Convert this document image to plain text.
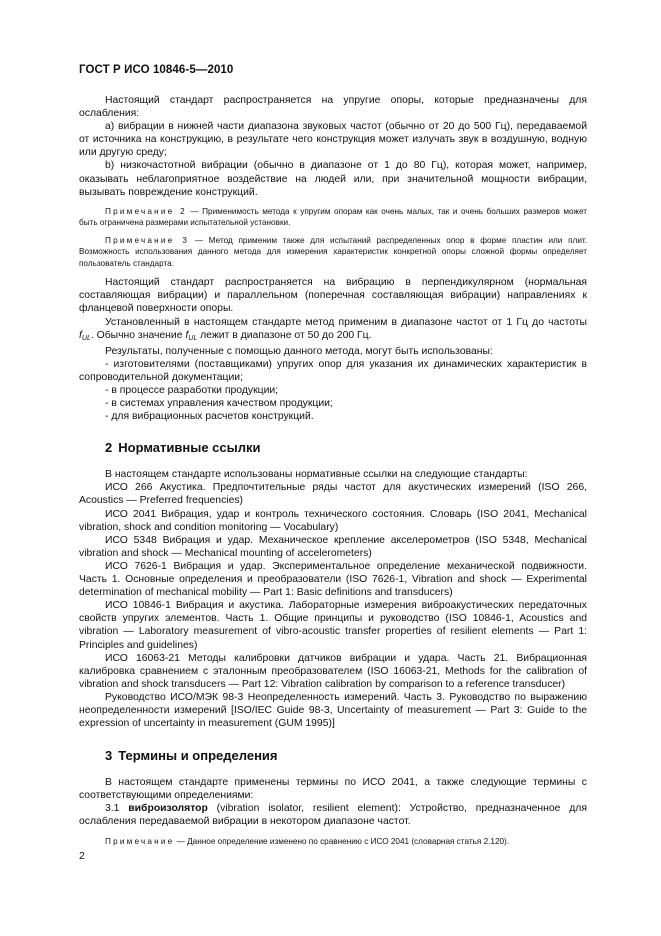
ГОСТ Р ИСО 10846-5—2010

Настоящий стандарт распространяется на упругие опоры, которые предназначены для ослабления:

а) вибрации в нижней части диапазона звуковых частот (обычно от 20 до 500 Гц), передаваемой от источника на конструкцию, в результате чего конструкция может излучать звук в воздушную, водную или другую среду;

b) низкочастотной вибрации (обычно в диапазоне от 1 до 80 Гц), которая может, например, оказывать неблагоприятное воздействие на людей или, при значительной мощности вибрации, вызывать повреждение конструкций.

Примечание 2 — Применимость метода к упругим опорам как очень малых, так и очень больших размеров может быть ограничена размерами испытательной установки.

Примечание 3 — Метод применим также для испытаний распределенных опор в форме пластин или плит. Возможность использования данного метода для измерения характеристик конкретной опоры сложной формы определяет пользователь стандарта.

Настоящий стандарт распространяется на вибрацию в перпендикулярном (нормальная составляющая вибрации) и параллельном (поперечная составляющая вибрации) направлениях к фланцевой поверхности опоры.

Установленный в настоящем стандарте метод применим в диапазоне частот от 1 Гц до частоты $f_{UL}$. Обычно значение $f_{UL}$ лежит в диапазоне от 50 до 200 Гц.

Результаты, полученные с помощью данного метода, могут быть использованы:

- изготовителями (поставщиками) упругих опор для указания их динамических характеристик в сопроводительной документации;

- в процессе разработки продукции;

- в системах управления качеством продукции;

- для вибрационных расчетов конструкций.

2 Нормативные ссылки

В настоящем стандарте использованы нормативные ссылки на следующие стандарты:

ИСО 266 Акустика. Предпочтительные ряды частот для акустических измерений (ISO 266, Acoustics — Preferred frequencies)

ИСО 2041 Вибрация, удар и контроль технического состояния. Словарь (ISO 2041, Mechanical vibration, shock and condition monitoring — Vocabulary)

ИСО 5348 Вибрация и удар. Механическое крепление акселерометров (ISO 5348, Mechanical vibration and shock — Mechanical mounting of accelerometers)

ИСО 7626-1 Вибрация и удар. Экспериментальное определение механической подвижности. Часть 1. Основные определения и преобразователи (ISO 7626-1, Vibration and shock — Experimental determination of mechanical mobility — Part 1: Basic definitions and transducers)

ИСО 10846-1 Вибрация и акустика. Лабораторные измерения виброакустических передаточных свойств упругих элементов. Часть 1. Общие принципы и руководство (ISO 10846-1, Acoustics and vibration — Laboratory measurement of vibro-acoustic transfer properties of resilient elements — Part 1: Principles and guidelines)

ИСО 16063-21 Методы калибровки датчиков вибрации и удара. Часть 21. Вибрационная калибровка сравнением с эталонным преобразователем (ISO 16063-21, Methods for the calibration of vibration and shock transducers — Part 12: Vibration calibration by comparison to a reference transducer)

Руководство ИСО/МЭК 98-3 Неопределенность измерений. Часть 3. Руководство по выражению неопределенности измерений [ISO/IEC Guide 98-3, Uncertainty of measurement — Part 3: Guide to the expression of uncertainty in measurement (GUM 1995)]

3 Термины и определения

В настоящем стандарте применены термины по ИСО 2041, а также следующие термины с соответствующими определениями:

3.1 виброизолятор (vibration isolator, resilient element): Устройство, предназначенное для ослабления передаваемой вибрации в некотором диапазоне частот.

Примечание — Данное определение изменено по сравнению с ИСО 2041 (словарная статья 2.120).

2
